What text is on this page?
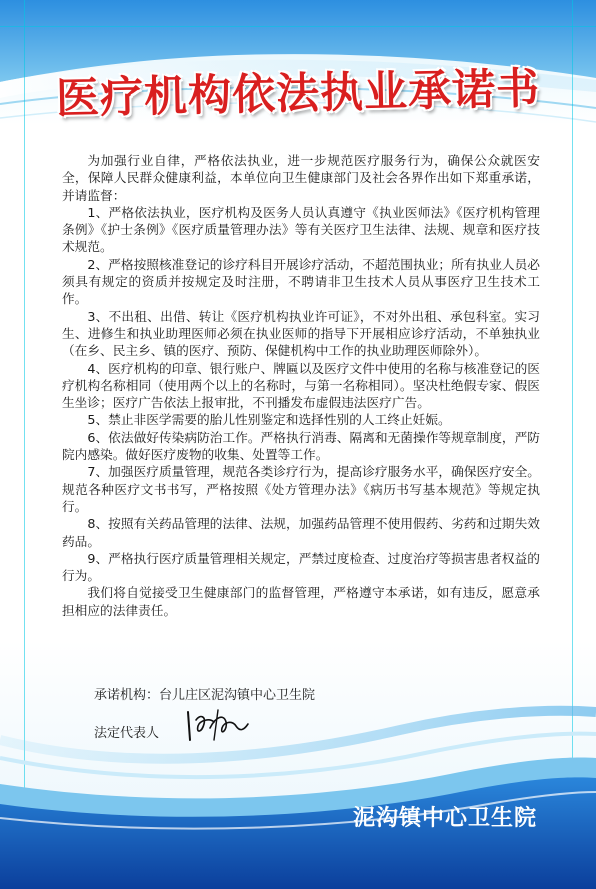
医疗机构依法执业承诺书

为加强行业自律，严格依法执业，进一步规范医疗服务行为，确保公众就医安全，保障人民群众健康利益，本单位向卫生健康部门及社会各界作出如下郑重承诺，并请监督：

1、严格依法执业，医疗机构及医务人员认真遵守《执业医师法》《医疗机构管理条例》《护士条例》《医疗质量管理办法》等有关医疗卫生法律、法规、规章和医疗技术规范。

2、严格按照核准登记的诊疗科目开展诊疗活动，不超范围执业；所有执业人员必须具有规定的资质并按规定及时注册，不聘请非卫生技术人员从事医疗卫生技术工作。

3、不出租、出借、转让《医疗机构执业许可证》，不对外出租、承包科室。实习生、进修生和执业助理医师必须在执业医师的指导下开展相应诊疗活动，不单独执业（在乡、民主乡、镇的医疗、预防、保健机构中工作的执业助理医师除外）。

4、医疗机构的印章、银行账户、牌匾以及医疗文件中使用的名称与核准登记的医疗机构名称相同（使用两个以上的名称时，与第一名称相同）。坚决杜绝假专家、假医生坐诊；医疗广告依法上报审批，不刊播发布虚假违法医疗广告。

5、禁止非医学需要的胎儿性别鉴定和选择性别的人工终止妊娠。

6、依法做好传染病防治工作。严格执行消毒、隔离和无菌操作等规章制度，严防院内感染。做好医疗废物的收集、处置等工作。

7、加强医疗质量管理，规范各类诊疗行为，提高诊疗服务水平，确保医疗安全。规范各种医疗文书书写，严格按照《处方管理办法》《病历书写基本规范》等规定执行。

8、按照有关药品管理的法律、法规，加强药品管理不使用假药、劣药和过期失效药品。

9、严格执行医疗质量管理相关规定，严禁过度检查、过度治疗等损害患者权益的行为。

我们将自觉接受卫生健康部门的监督管理，严格遵守本承诺，如有违反，愿意承担相应的法律责任。

承诺机构：台儿庄区泥沟镇中心卫生院
法定代表人
泥沟镇中心卫生院
